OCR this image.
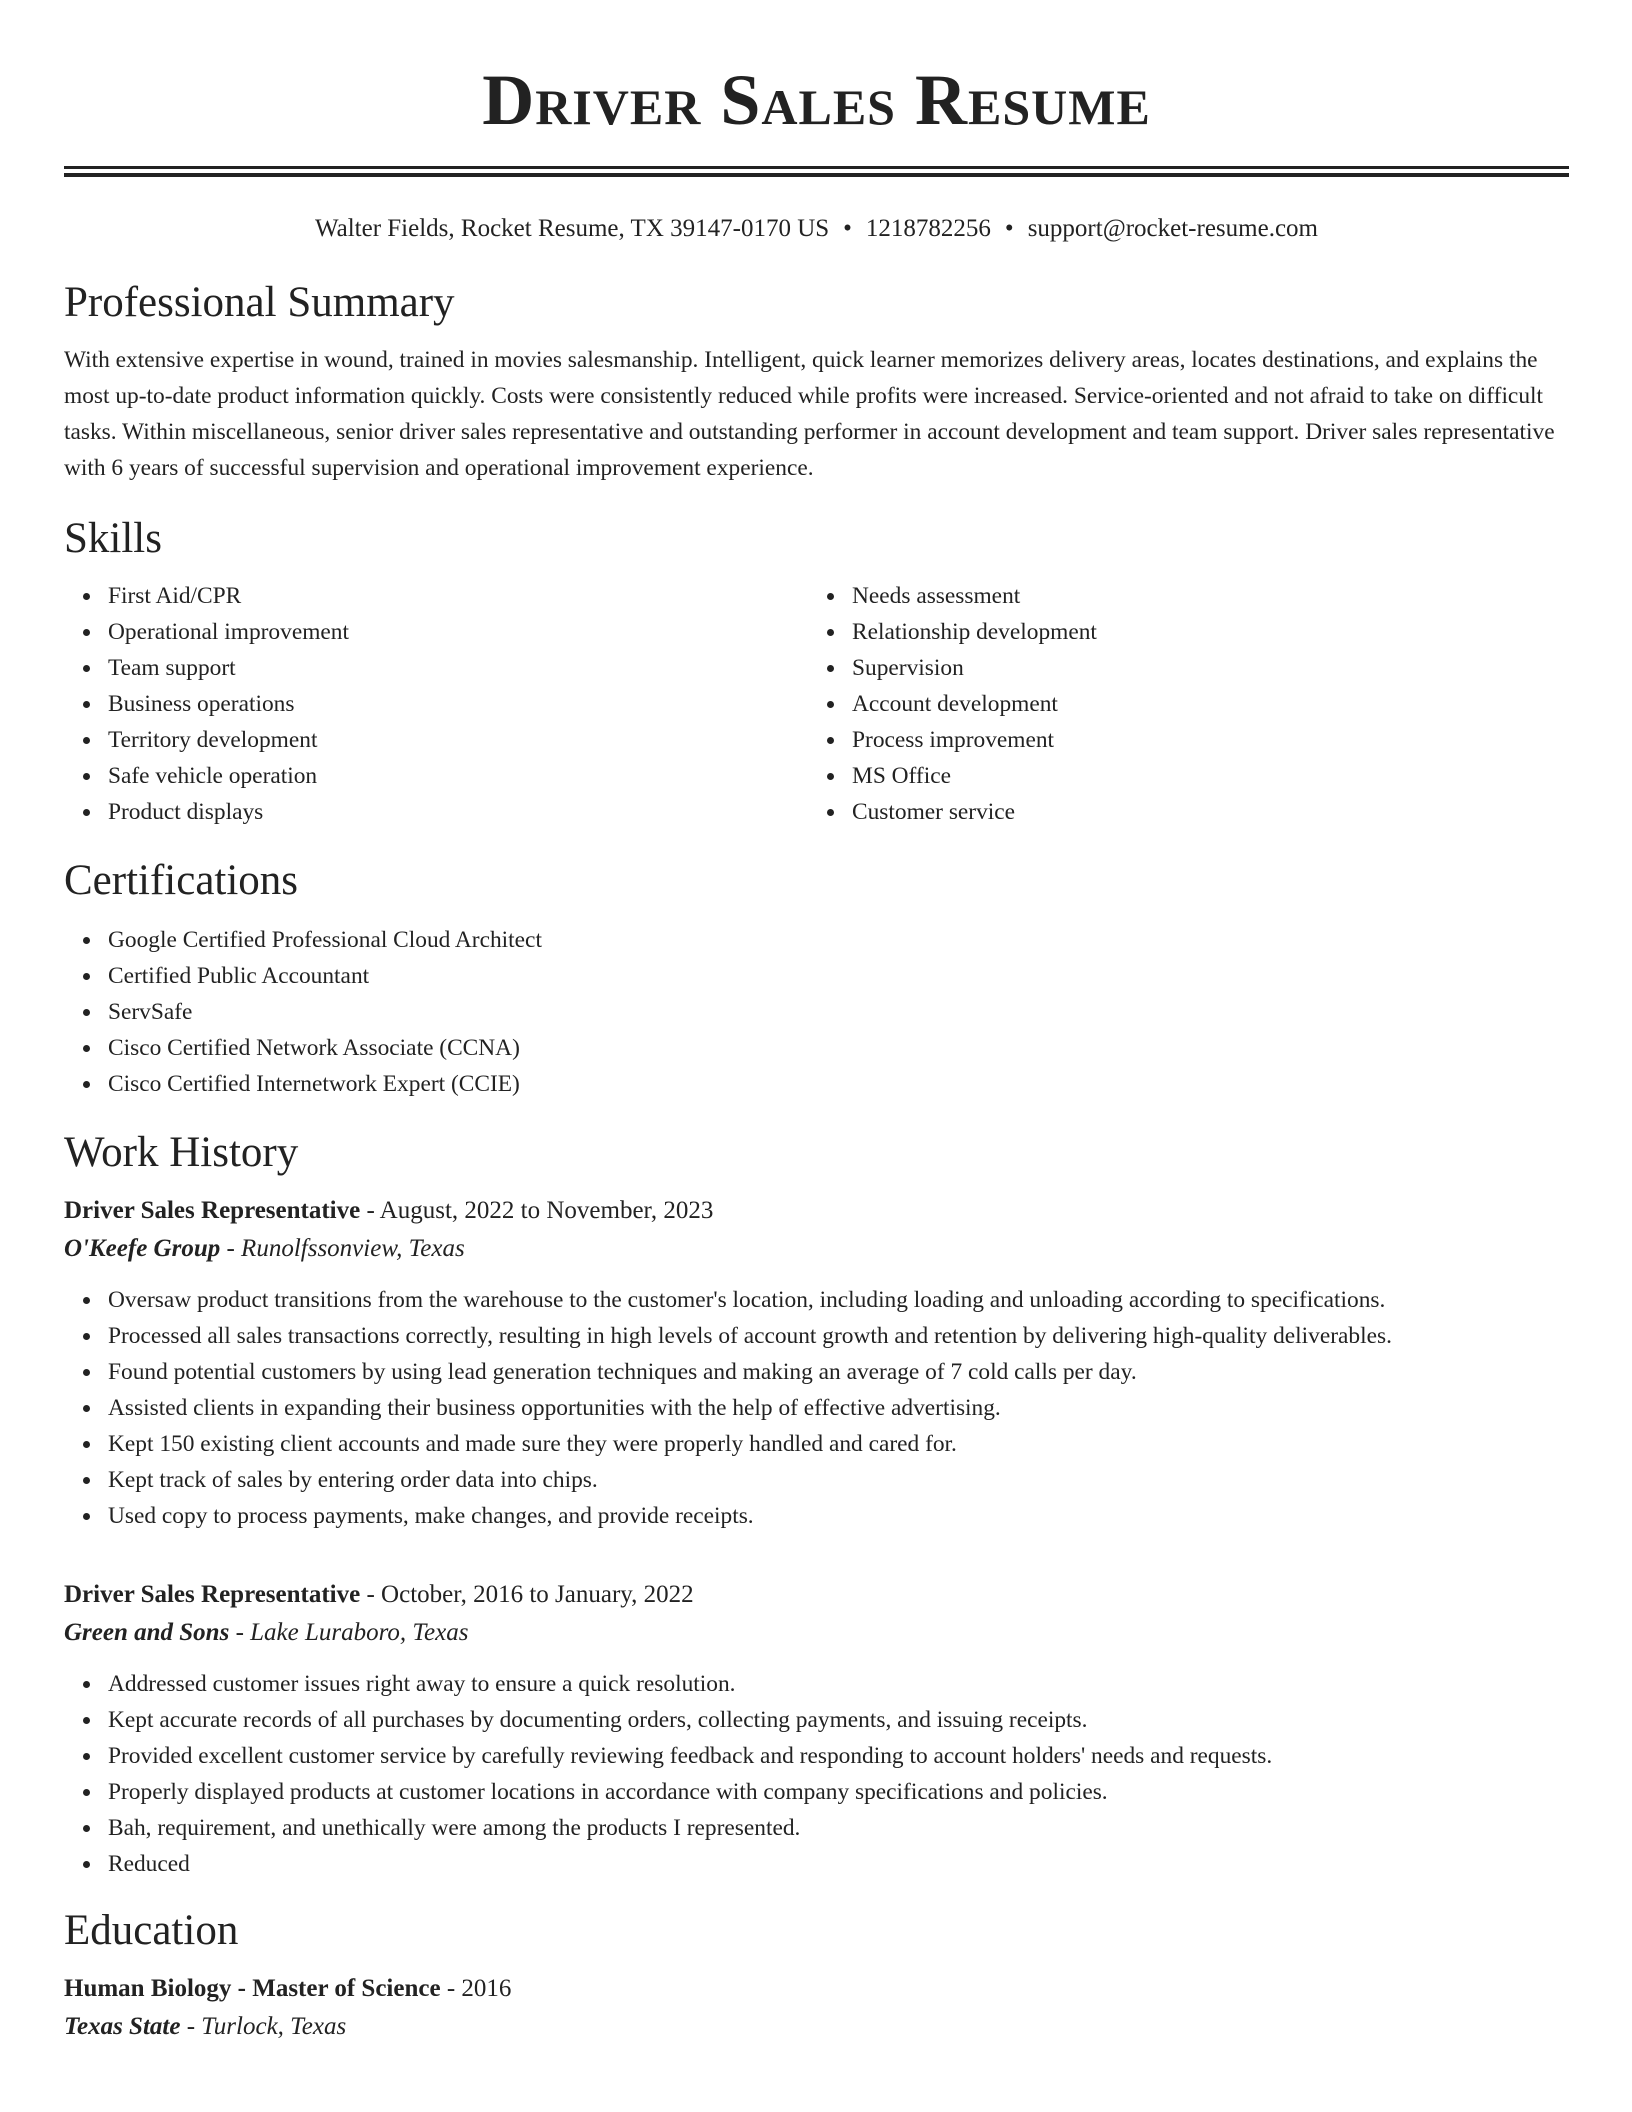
Driver Sales Resume
Walter Fields, Rocket Resume, TX 39147-0170 US • 1218782256 • support@rocket-resume.com
Professional Summary

With extensive expertise in wound, trained in movies salesmanship. Intelligent, quick learner memorizes delivery areas, locates destinations, and explains the most up-to-date product information quickly. Costs were consistently reduced while profits were increased. Service-oriented and not afraid to take on difficult tasks. Within miscellaneous, senior driver sales representative and outstanding performer in account development and team support. Driver sales representative with 6 years of successful supervision and operational improvement experience.

Skills
First Aid/CPR
Operational improvement
Team support
Business operations
Territory development
Safe vehicle operation
Product displays
Needs assessment
Relationship development
Supervision
Account development
Process improvement
MS Office
Customer service
Certifications
Google Certified Professional Cloud Architect
Certified Public Accountant
ServSafe
Cisco Certified Network Associate (CCNA)
Cisco Certified Internetwork Expert (CCIE)
Work History
Driver Sales Representative - August, 2022 to November, 2023
O'Keefe Group - Runolfssonview, Texas
Oversaw product transitions from the warehouse to the customer's location, including loading and unloading according to specifications.
Processed all sales transactions correctly, resulting in high levels of account growth and retention by delivering high-quality deliverables.
Found potential customers by using lead generation techniques and making an average of 7 cold calls per day.
Assisted clients in expanding their business opportunities with the help of effective advertising.
Kept 150 existing client accounts and made sure they were properly handled and cared for.
Kept track of sales by entering order data into chips.
Used copy to process payments, make changes, and provide receipts.
Driver Sales Representative - October, 2016 to January, 2022
Green and Sons - Lake Luraboro, Texas
Addressed customer issues right away to ensure a quick resolution.
Kept accurate records of all purchases by documenting orders, collecting payments, and issuing receipts.
Provided excellent customer service by carefully reviewing feedback and responding to account holders' needs and requests.
Properly displayed products at customer locations in accordance with company specifications and policies.
Bah, requirement, and unethically were among the products I represented.
Reduced
Education
Human Biology - Master of Science - 2016
Texas State - Turlock, Texas
